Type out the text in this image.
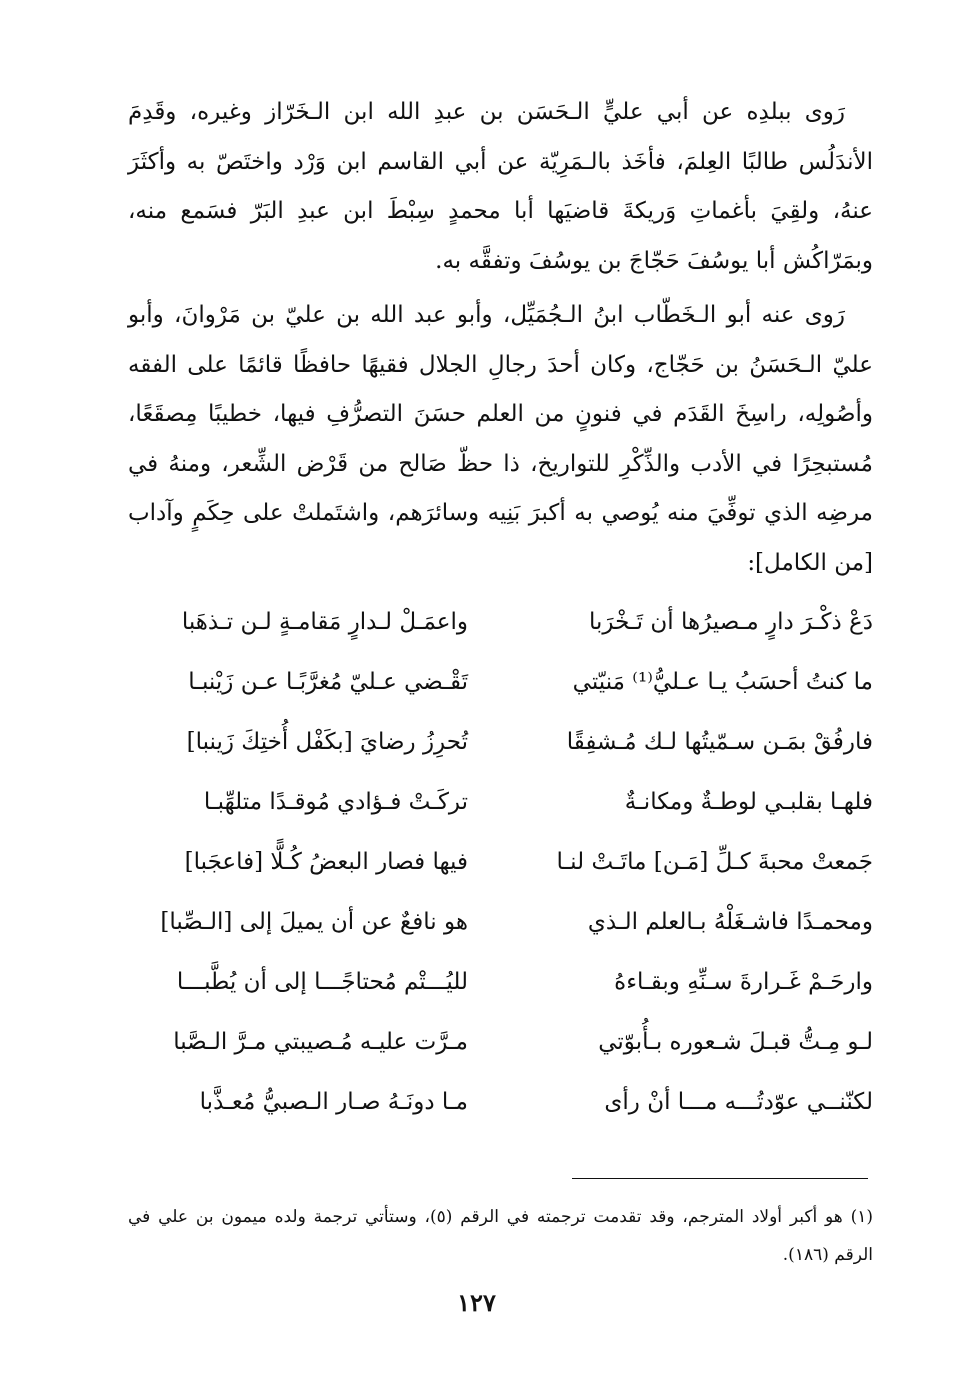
رَوى ببلدِه عن أبي عليٍّ الـحَسَن بن عبدِ الله ابن الـخَرّاز وغيره، وقَدِمَ الأندَلُس طالبًا العِلمَ، فأخَذ بالـمَرِيّة عن أبي القاسم ابن وَرْد واختَصّ به وأكثَرَ عنهُ، ولقِيَ بأغماتِ وَريكةَ قاضيَها أبا محمدٍ سِبْطَ ابن عبدِ البَرّ فسَمع منه، وبمَرّاكُش أبا يوسُفَ حَجّاجَ بن يوسُفَ وتفقَّه به.

رَوى عنه أبو الـخَطّاب ابنُ الـجُمَيِّل، وأبو عبد الله بن عليّ بن مَرْوانَ، وأبو عليّ الـحَسَنُ بن حَجّاج، وكان أحدَ رجالِ الجلال فقيهًا حافظًا قائمًا على الفقه وأصُولِه، راسِخَ القَدَم في فنونٍ من العلم حسَنَ التصرُّفِ فيها، خطيبًا مِصقَعًا، مُستبحِرًا في الأدب والذِّكْرِ للتواريخ، ذا حظّ صَالح من قَرْض الشِّعر، ومنهُ في مرضِه الذي توفِّيَ منه يُوصي به أكبرَ بَنِيه وسائرَهم، واشتَملتْ على حِكَمٍ وآداب [من الكامل]:

دَعْ ذكْـرَ دارٍ مـصيرُها أن تَـخْرَبا
واعمَـلْ لـدارٍ مَقامـةٍ لـن تـذهَبا
ما كنتُ أحسَبُ يـا عـليُّ⁽¹⁾ مَنيّتي
تَقْـضي عـليّ مُغرَّبًـا عـن زَيْنبـا
فارفُقْ بمَـن سـمّيتُها لـك مُـشفِقًا
تُحرِزُ رضايَ [بكَفْل أُختِكَ زَينبا]
فلهـا بقلبـي لوطـةٌ ومكانـةٌ
تركَـتْ فـؤادي مُوقـدًا متلهِّبـا
جَمعتْ محبةَ كـلِّ [مَـن] ماتَـتْ لنـا
فيها فصار البعضُ كُـلًّا [فاعجَبا]
ومحمـدًا فاشـغَلْهُ بـالعلم الـذي
هو نافعٌ عن أن يميلَ إلى [الـصِّبا]
وارحَـمْ غَـرارةَ سـنِّهِ وبقـاءهُ
لليُـــتْم مُحتاجًـــا إلى أن يُطَّبـــا
لـو مِـتُّ قبـلَ شـعوره بـأُبوّتي
مـرَّت عليـه مُـصيبتي مـرَّ الـصَّبا
لكنّنــي عوّدتُـــه مـــا أنْ رأى
مـا دونَـهُ صـار الـصبيُّ مُعـذَّبا

(١) هو أكبر أولاد المترجم، وقد تقدمت ترجمته في الرقم (٥)، وستأتي ترجمة ولده ميمون بن علي في الرقم (١٨٦).

١٢٧
